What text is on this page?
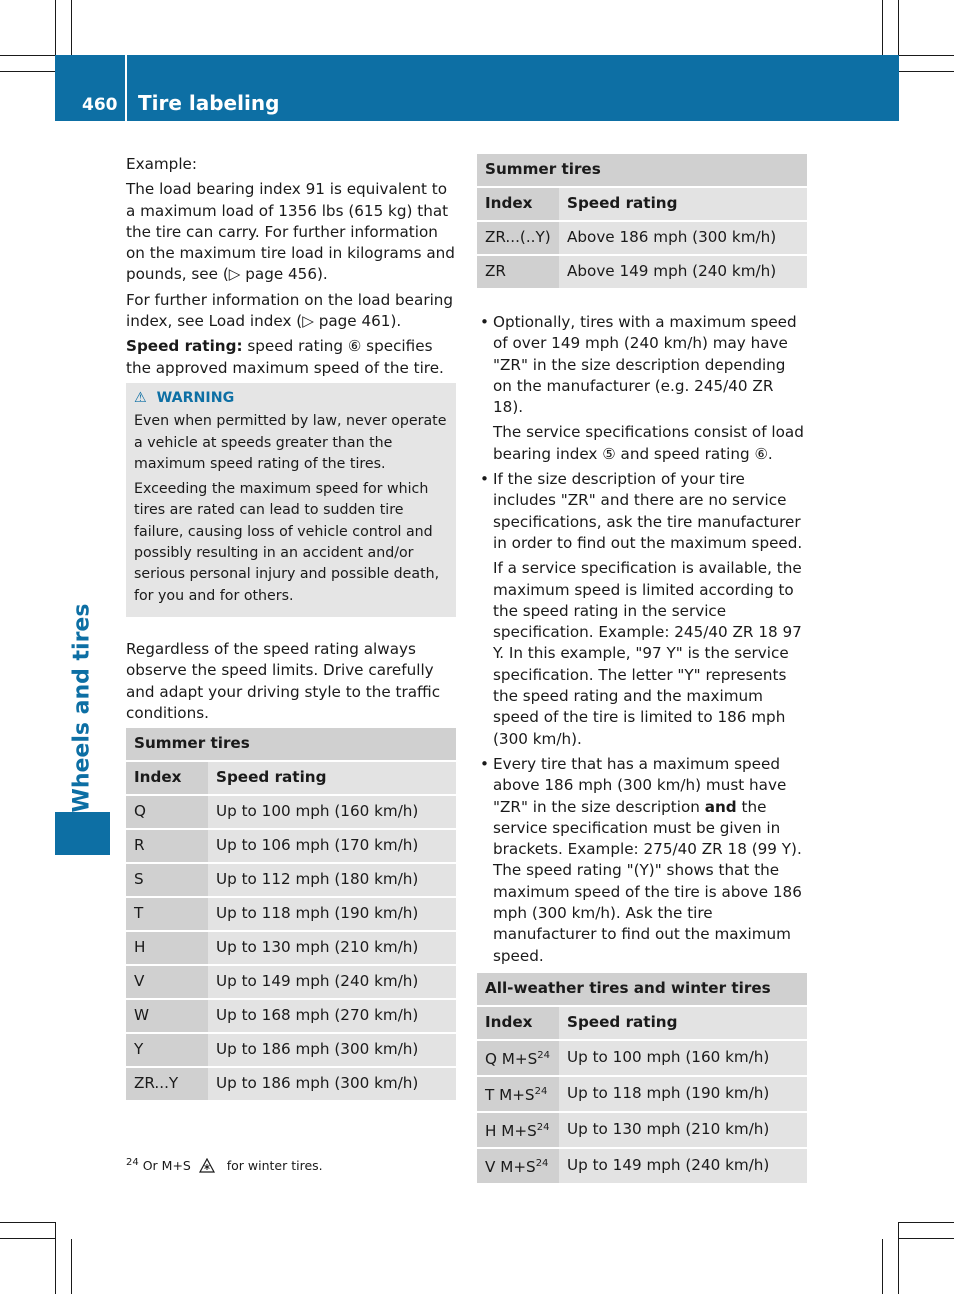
460 Tire labeling
Wheels and tires

Example:

The load bearing index 91 is equivalent to a maximum load of 1356 lbs (615 kg) that the tire can carry. For further information on the maximum tire load in kilograms and pounds, see (▷ page 456).

For further information on the load bearing index, see Load index (▷ page 461).

Speed rating: speed rating ⑥ specifies the approved maximum speed of the tire.

⚠ WARNING

Even when permitted by law, never operate a vehicle at speeds greater than the maximum speed rating of the tires.

Exceeding the maximum speed for which tires are rated can lead to sudden tire failure, causing loss of vehicle control and possibly resulting in an accident and/or serious personal injury and possible death, for you and for others.

Regardless of the speed rating always observe the speed limits. Drive carefully and adapt your driving style to the traffic conditions.

Summer tires	
Index	Speed rating
Q	Up to 100 mph (160 km/h)
R	Up to 106 mph (170 km/h)
S	Up to 112 mph (180 km/h)
T	Up to 118 mph (190 km/h)
H	Up to 130 mph (210 km/h)
V	Up to 149 mph (240 km/h)
W	Up to 168 mph (270 km/h)
Y	Up to 186 mph (300 km/h)
ZR...Y	Up to 186 mph (300 km/h)
Summer tires	
Index	Speed rating
ZR...(..Y)	Above 186 mph (300 km/h)
ZR	Above 149 mph (240 km/h)

• Optionally, tires with a maximum speed of over 149 mph (240 km/h) may have "ZR" in the size description depending on the manufacturer (e.g. 245/40 ZR 18).

The service specifications consist of load bearing index ⑤ and speed rating ⑥.

• If the size description of your tire includes "ZR" and there are no service specifications, ask the tire manufacturer in order to find out the maximum speed.

If a service specification is available, the maximum speed is limited according to the speed rating in the service specification. Example: 245/40 ZR 18 97 Y. In this example, "97 Y" is the service specification. The letter "Y" represents the speed rating and the maximum speed of the tire is limited to 186 mph (300 km/h).

• Every tire that has a maximum speed above 186 mph (300 km/h) must have "ZR" in the size description and the service specification must be given in brackets. Example: 275/40 ZR 18 (99 Y). The speed rating "(Y)" shows that the maximum speed of the tire is above 186 mph (300 km/h). Ask the tire manufacturer to find out the maximum speed.

All-weather tires and winter tires	
Index	Speed rating
Q $M+S^{24}$	Up to 100 mph (160 km/h)
T $M+S^{24}$	Up to 118 mph (190 km/h)
H $M+S^{24}$	Up to 130 mph (210 km/h)
V $M+S^{24}$	Up to 149 mph (240 km/h)
$^{24}$ Or M+S	for winter tires.
